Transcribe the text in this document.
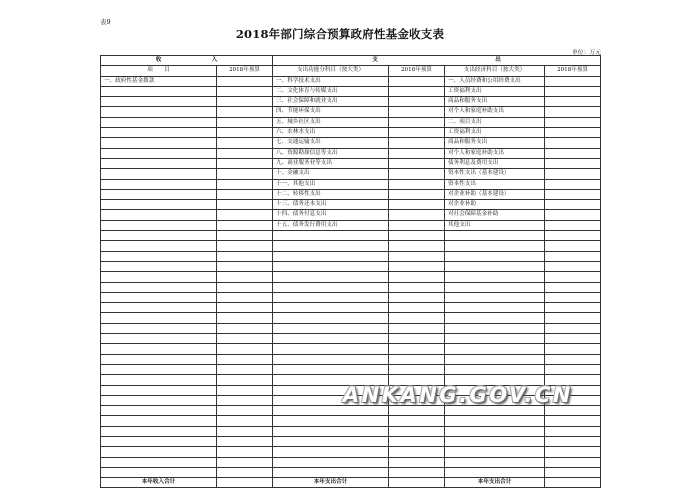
表9
2018年部门综合预算政府性基金收支表
单位：万元
收　　　　　　　　　入		支　　　　　　　　　　　　　　　　　　　　　出			
项　　目	2018年预算	支出功能分科目（按大类）	2018年预算	支出经济科目（按大类）	2018年预算
一、政府性基金拨款		一、科学技术支出		一、人员经费和公用经费支出	
		二、文化体育与传媒支出		工资福利支出	
		三、社会保障和就业支出		商品和服务支出	
		四、节能环保支出		对个人和家庭补助支出	
		五、城乡社区支出		二、项目支出	
		六、农林水支出		工资福利支出	
		七、交通运输支出		商品和服务支出	
		八、资源勘探信息等支出		对个人和家庭补助支出	
		九、商业服务业等支出		债务利息及费用支出	
		十、金融支出		资本性支出（基本建设）	
		十一、其他支出		资本性支出	
		十二、转移性支出		对企业补助（基本建设）	
		十三、债务还本支出		对企业补助	
		十四、债务付息支出		对社会保障基金补助	
		十五、债务发行费用支出		其他支出	

本年收入合计		本年支出合计		本年支出合计	
ANKANG.GOV.CN
